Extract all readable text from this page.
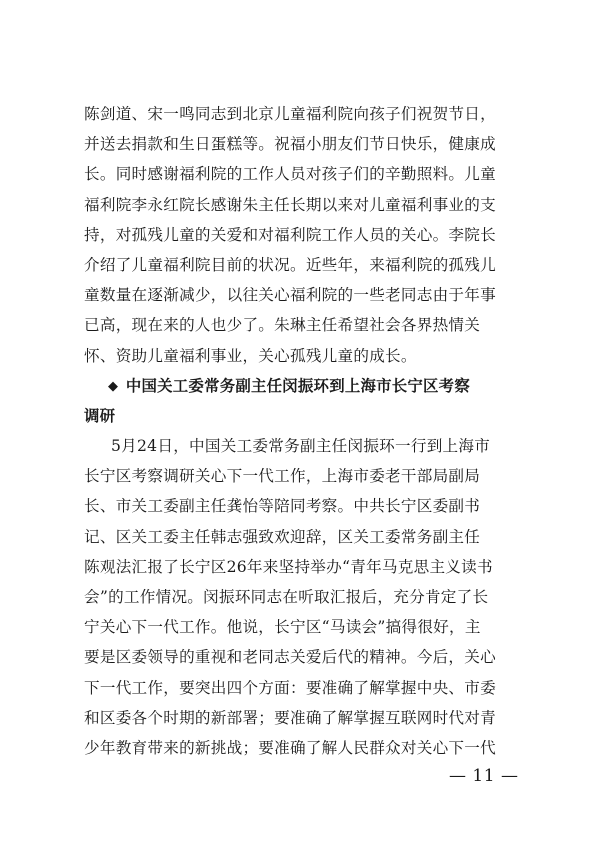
陈剑道、宋一鸣同志到北京儿童福利院向孩子们祝贺节日，
并送去捐款和生日蛋糕等。祝福小朋友们节日快乐，健康成
长。同时感谢福利院的工作人员对孩子们的辛勤照料。儿童
福利院李永红院长感谢朱主任长期以来对儿童福利事业的支
持，对孤残儿童的关爱和对福利院工作人员的关心。李院长
介绍了儿童福利院目前的状况。近些年，来福利院的孤残儿
童数量在逐渐减少，以往关心福利院的一些老同志由于年事
已高，现在来的人也少了。朱琳主任希望社会各界热情关
怀、资助儿童福利事业，关心孤残儿童的成长。
◆ 中国关工委常务副主任闵振环到上海市长宁区考察
调研
5月24日，中国关工委常务副主任闵振环一行到上海市
长宁区考察调研关心下一代工作，上海市委老干部局副局
长、市关工委副主任龚怡等陪同考察。中共长宁区委副书
记、区关工委主任韩志强致欢迎辞，区关工委常务副主任
陈观法汇报了长宁区26年来坚持举办“青年马克思主义读书
会”的工作情况。闵振环同志在听取汇报后，充分肯定了长
宁关心下一代工作。他说，长宁区“马读会”搞得很好，主
要是区委领导的重视和老同志关爱后代的精神。今后，关心
下一代工作，要突出四个方面：要准确了解掌握中央、市委
和区委各个时期的新部署；要准确了解掌握互联网时代对青
少年教育带来的新挑战；要准确了解人民群众对关心下一代
— 11 —
